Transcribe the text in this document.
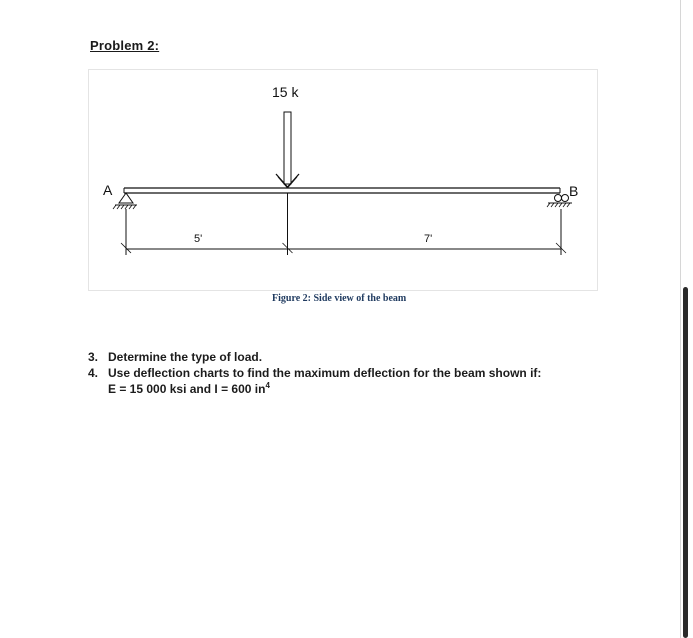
Problem 2:
15 k
A	B
5'	7'
Figure 2: Side view of the beam
3. Determine the type of load.
4. Use deflection charts to find the maximum deflection for the beam shown if:
E = 15 000 ksi and I = 600 $in^4$
